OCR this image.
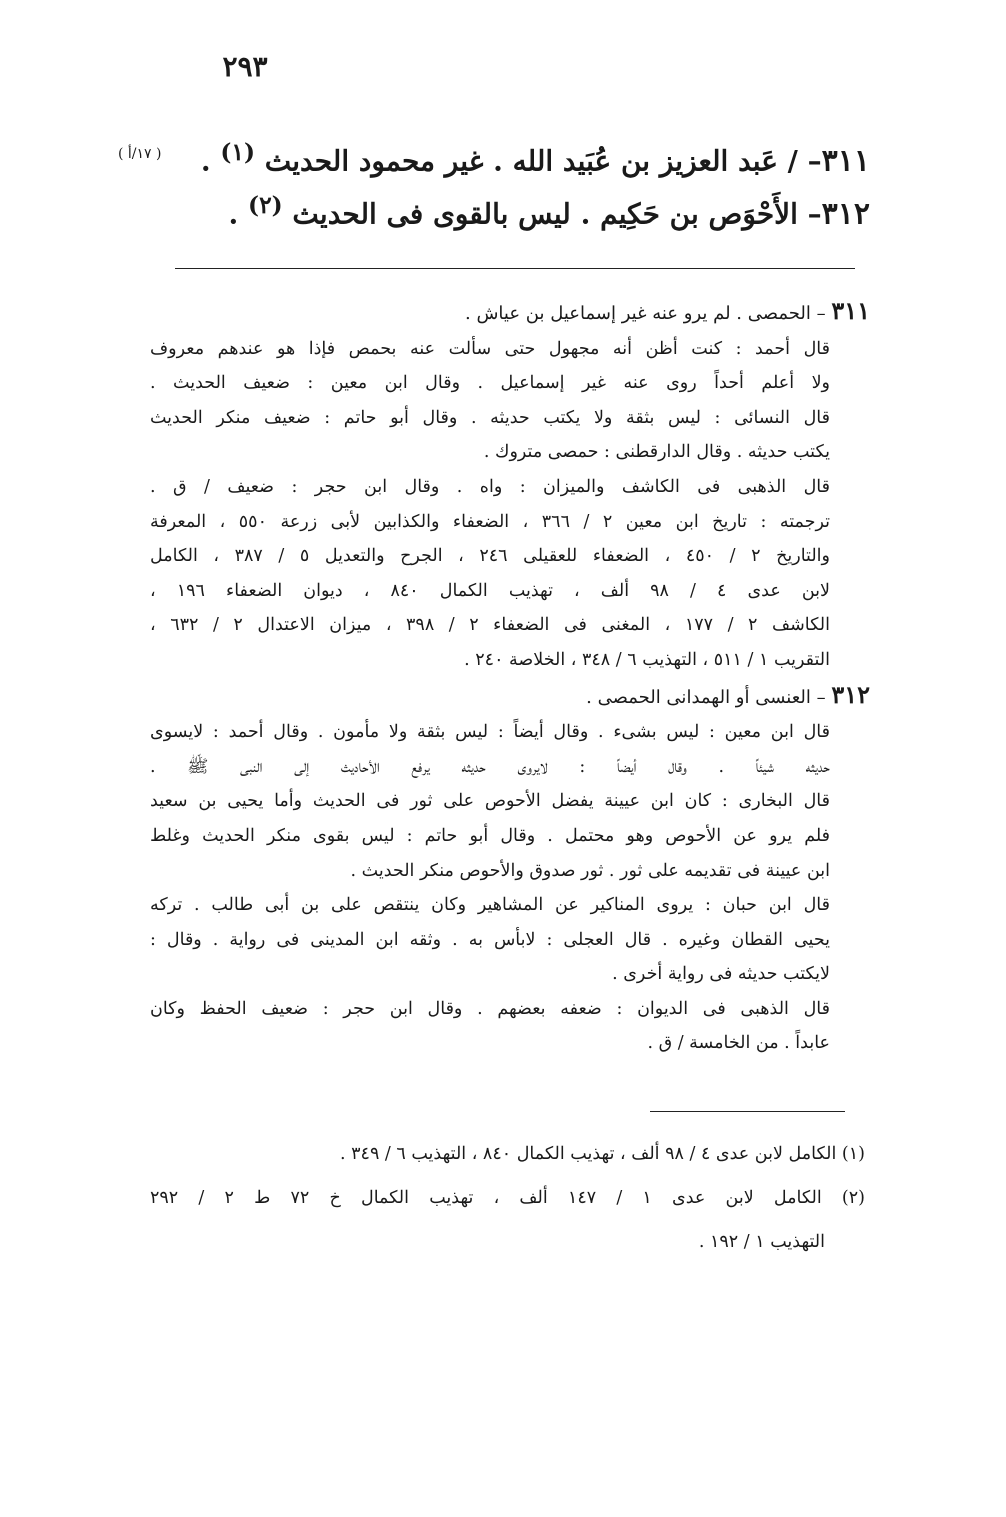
٢٩٣
٣١١– / عَبد العزيز بن عُبَيد الله . غير محمود الحديث $^{(١)}$ .
( ١٧/أ )
٣١٢– الأَحْوَص بن حَكِيم . ليس بالقوى فى الحديث $^{(٢)}$ .
٣١١ – الحمصى . لم يرو عنه غير إسماعيل بن عياش .
قال أحمد : كنت أظن أنه مجهول حتى سألت عنه بحمص فإذا هو عندهم معروف
ولا أعلم أحداً روى عنه غير إسماعيل . وقال ابن معين : ضعيف الحديث .
قال النسائى : ليس بثقة ولا يكتب حديثه . وقال أبو حاتم : ضعيف منكر الحديث
يكتب حديثه . وقال الدارقطنى : حمصى متروك .
قال الذهبى فى الكاشف والميزان : واه . وقال ابن حجر : ضعيف / ق .
ترجمته : تاريخ ابن معين ٢ / ٣٦٦ ، الضعفاء والكذابين لأبى زرعة ٥٥٠ ، المعرفة
والتاريخ ٢ / ٤٥٠ ، الضعفاء للعقيلى ٢٤٦ ، الجرح والتعديل ٥ / ٣٨٧ ، الكامل
لابن عدى ٤ / ٩٨ ألف ، تهذيب الكمال ٨٤٠ ، ديوان الضعفاء ١٩٦ ،
الكاشف ٢ / ١٧٧ ، المغنى فى الضعفاء ٢ / ٣٩٨ ، ميزان الاعتدال ٢ / ٦٣٢ ،
التقريب ١ / ٥١١ ، التهذيب ٦ / ٣٤٨ ، الخلاصة ٢٤٠ .
٣١٢ – العنسى أو الهمدانى الحمصى .
قال ابن معين : ليس بشىء . وقال أيضاً : ليس بثقة ولا مأمون . وقال أحمد : لايسوى
حديثه شيئاً . وقال أيضاً : لايروى حديثه يرفع الأحاديث إلى النبى ﷺ .
قال البخارى : كان ابن عيينة يفضل الأحوص على ثور فى الحديث وأما يحيى بن سعيد
فلم يرو عن الأحوص وهو محتمل . وقال أبو حاتم : ليس بقوى منكر الحديث وغلط
ابن عيينة فى تقديمه على ثور . ثور صدوق والأحوص منكر الحديث .
قال ابن حبان : يروى المناكير عن المشاهير وكان ينتقص على بن أبى طالب . تركه
يحيى القطان وغيره . قال العجلى : لابأس به . وثقه ابن المدينى فى رواية . وقال :
لايكتب حديثه فى رواية أخرى .
قال الذهبى فى الديوان : ضعفه بعضهم . وقال ابن حجر : ضعيف الحفظ وكان
عابداً . من الخامسة / ق .
(١) الكامل لابن عدى ٤ / ٩٨ ألف ، تهذيب الكمال ٨٤٠ ، التهذيب ٦ / ٣٤٩ .
(٢) الكامل لابن عدى ١ / ١٤٧ ألف ، تهذيب الكمال خ ٧٢ ط ٢ / ٢٩٢
التهذيب ١ / ١٩٢ .
